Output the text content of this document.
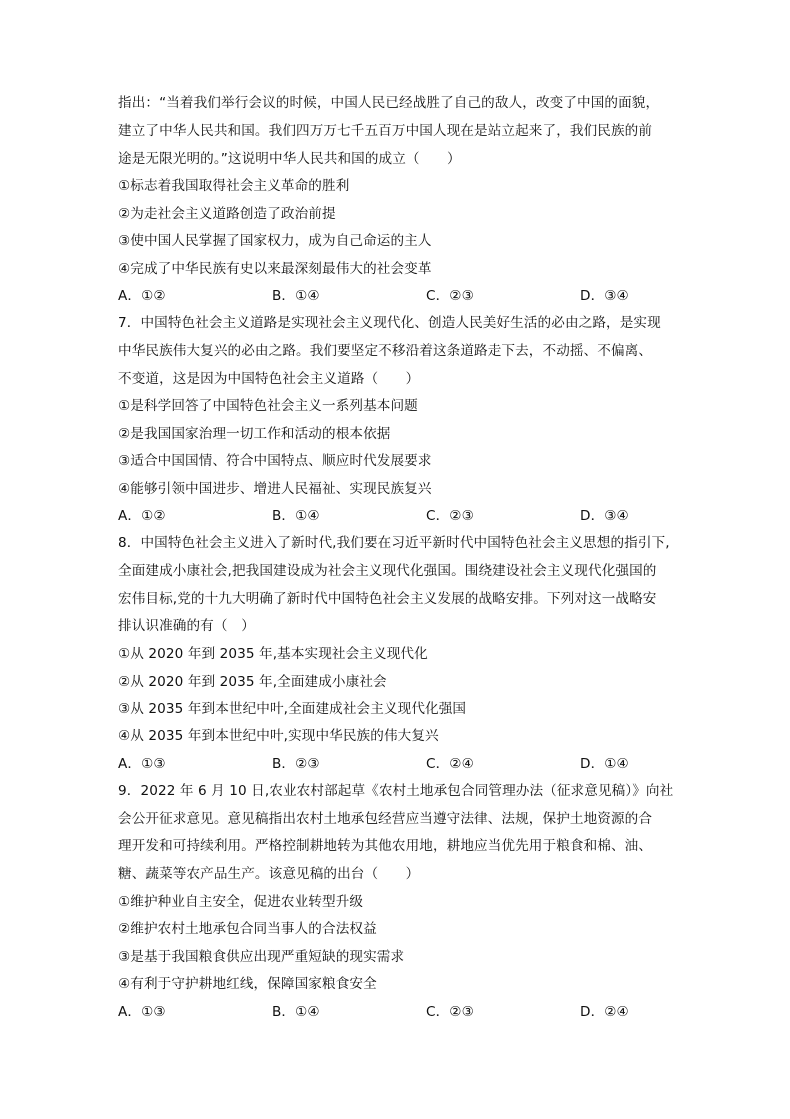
指出：“当着我们举行会议的时候，中国人民已经战胜了自己的敌人，改变了中国的面貌，

建立了中华人民共和国。我们四万万七千五百万中国人现在是站立起来了，我们民族的前

途是无限光明的。”这说明中华人民共和国的成立（　　）

①标志着我国取得社会主义革命的胜利

②为走社会主义道路创造了政治前提

③使中国人民掌握了国家权力，成为自己命运的主人

④完成了中华民族有史以来最深刻最伟大的社会变革

A．①②	B．①④	C．②③	D．③④

7．中国特色社会主义道路是实现社会主义现代化、创造人民美好生活的必由之路，是实现

中华民族伟大复兴的必由之路。我们要坚定不移沿着这条道路走下去，不动摇、不偏离、

不变道，这是因为中国特色社会主义道路（　　）

①是科学回答了中国特色社会主义一系列基本问题

②是我国国家治理一切工作和活动的根本依据

③适合中国国情、符合中国特点、顺应时代发展要求

④能够引领中国进步、增进人民福祉、实现民族复兴

A．①②	B．①④	C．②③	D．③④

8．中国特色社会主义进入了新时代,我们要在习近平新时代中国特色社会主义思想的指引下,

全面建成小康社会,把我国建设成为社会主义现代化强国。围绕建设社会主义现代化强国的

宏伟目标,党的十九大明确了新时代中国特色社会主义发展的战略安排。下列对这一战略安

排认识准确的有（　）

①从 2020 年到 2035 年,基本实现社会主义现代化

②从 2020 年到 2035 年,全面建成小康社会

③从 2035 年到本世纪中叶,全面建成社会主义现代化强国

④从 2035 年到本世纪中叶,实现中华民族的伟大复兴

A．①③	B．②③	C．②④	D．①④

9．2022 年 6 月 10 日,农业农村部起草《农村土地承包合同管理办法（征求意见稿）》向社

会公开征求意见。意见稿指出农村土地承包经营应当遵守法律、法规，保护土地资源的合

理开发和可持续利用。严格控制耕地转为其他农用地，耕地应当优先用于粮食和棉、油、

糖、蔬菜等农产品生产。该意见稿的出台（　　）

①维护种业自主安全，促进农业转型升级

②维护农村土地承包合同当事人的合法权益

③是基于我国粮食供应出现严重短缺的现实需求

④有利于守护耕地红线，保障国家粮食安全

A．①③	B．①④	C．②③	D．②④
